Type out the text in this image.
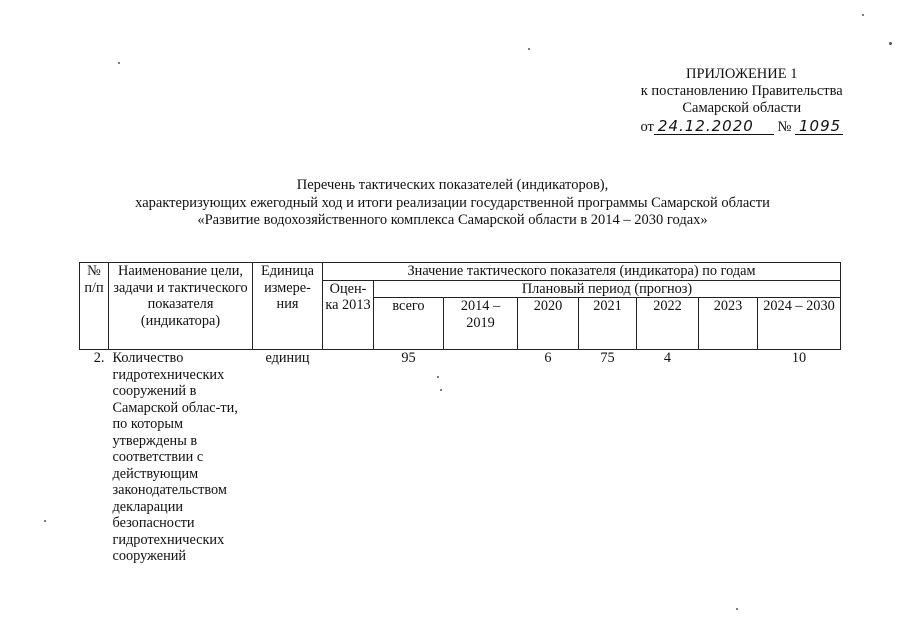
ПРИЛОЖЕНИЕ 1
к постановлению Правительства
Самарской области
от 24.12.2020 № 1095
Перечень тактических показателей (индикаторов),
характеризующих ежегодный ход и итоги реализации государственной программы Самарской области
«Развитие водохозяйственного комплекса Самарской области в 2014 – 2030 годах»
№ п/п	Наименование цели, задачи и тактического показателя (индикатора)	Единица измере-ния	Значение тактического показателя (индикатора) по годам							
			Оцен-ка 2013	Плановый период (прогноз)						
				всего	2014 – 2019	2020	2021	2022	2023	2024 – 2030
2.	Количество гидротехнических сооружений в Самарской облас-ти, по которым утверждены в соответствии с действующим законодательством декларации безопасности гидротехнических сооружений	единиц		95		6	75	4		10
